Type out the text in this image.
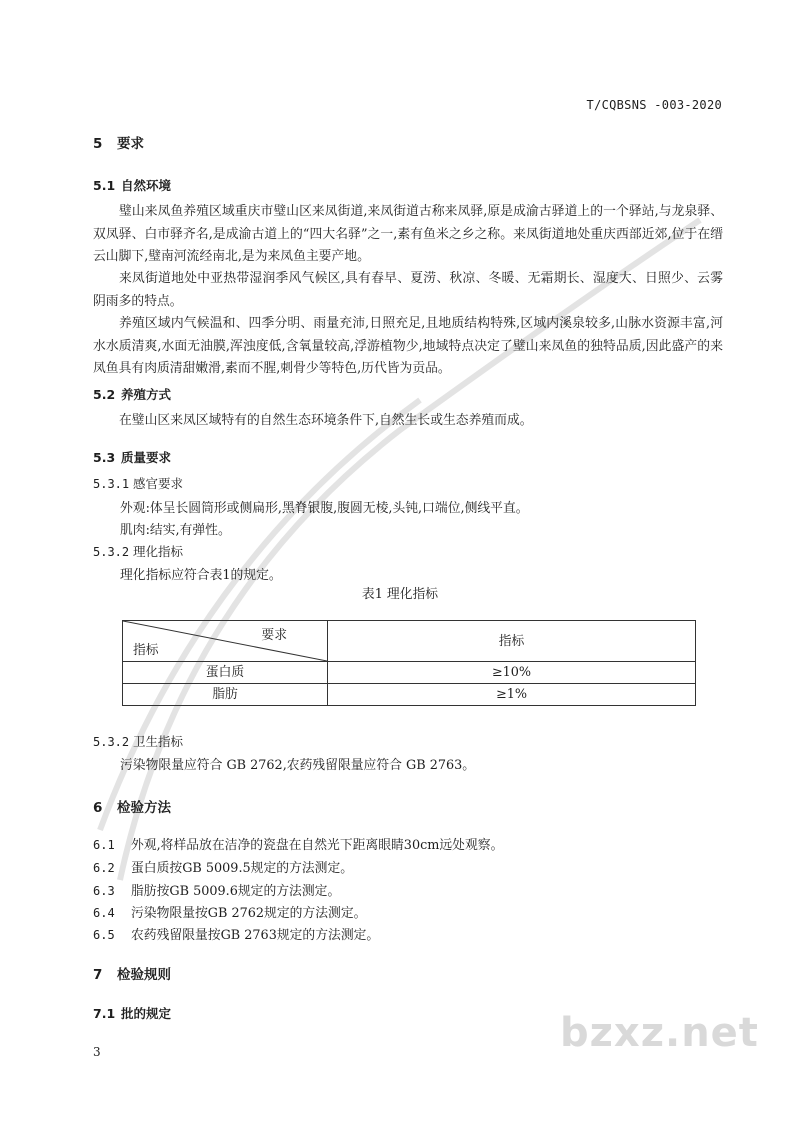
T/CQBSNS -003-2020
5 要求
5.1 自然环境

璧山来凤鱼养殖区域重庆市璧山区来凤街道,来凤街道古称来凤驿,原是成渝古驿道上的一个驿站,与龙泉驿、双凤驿、白市驿齐名,是成渝古道上的“四大名驿”之一,素有鱼米之乡之称。来凤街道地处重庆西部近郊,位于在缙云山脚下,璧南河流经南北,是为来凤鱼主要产地。

来凤街道地处中亚热带湿润季风气候区,具有春早、夏涝、秋凉、冬暖、无霜期长、湿度大、日照少、云雾阴雨多的特点。

养殖区域内气候温和、四季分明、雨量充沛,日照充足,且地质结构特殊,区域内溪泉较多,山脉水资源丰富,河水水质清爽,水面无油膜,浑浊度低,含氧量较高,浮游植物少,地域特点决定了璧山来凤鱼的独特品质,因此盛产的来凤鱼具有肉质清甜嫩滑,素而不腥,刺骨少等特色,历代皆为贡品。

5.2 养殖方式

在璧山区来凤区域特有的自然生态环境条件下,自然生长或生态养殖而成。

5.3 质量要求
5.3.1 感官要求
外观:体呈长圆筒形或侧扁形,黑脊银腹,腹圆无棱,头钝,口端位,侧线平直。
肌肉:结实,有弹性。
5.3.2 理化指标
理化指标应符合表1的规定。
表1 理化指标
要求
指标	指标
蛋白质	≥10%
脂肪	≥1%
5.3.2 卫生指标
污染物限量应符合 GB 2762,农药残留限量应符合 GB 2763。
6 检验方法
6.1 外观,将样品放在洁净的瓷盘在自然光下距离眼睛30cm远处观察。
6.2 蛋白质按GB 5009.5规定的方法测定。
6.3 脂肪按GB 5009.6规定的方法测定。
6.4 污染物限量按GB 2762规定的方法测定。
6.5 农药残留限量按GB 2763规定的方法测定。
7 检验规则
7.1 批的规定	bzxz.net
3
